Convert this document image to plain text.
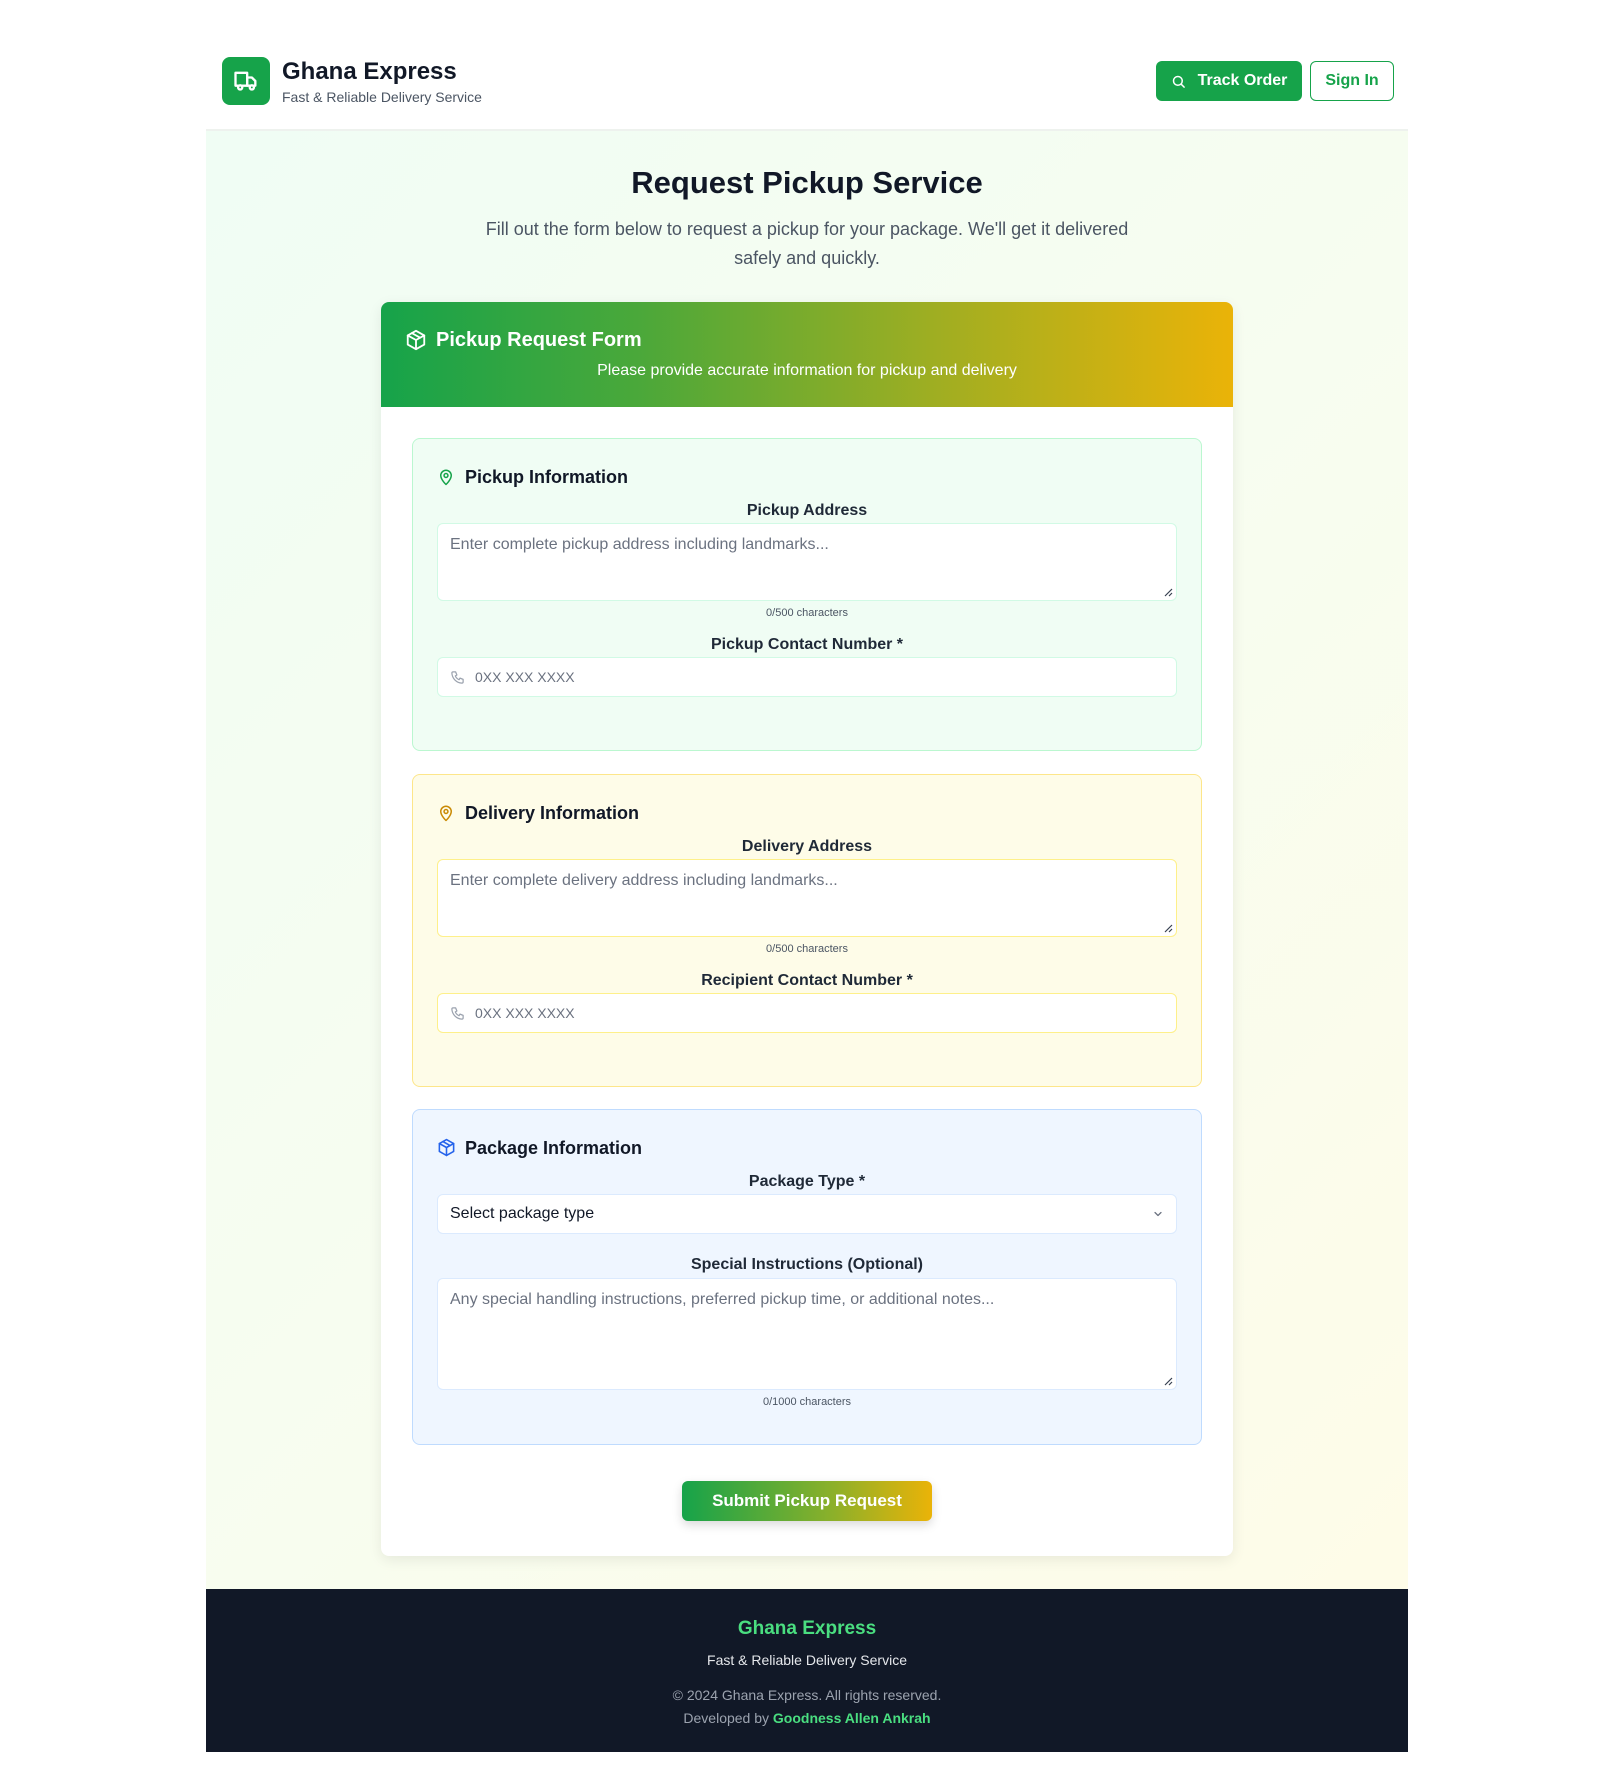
Ghana Express
Fast & Reliable Delivery Service
Track Order	Sign In
Request Pickup Service
Fill out the form below to request a pickup for your package. We'll get it delivered safely and quickly.
Pickup Request Form
Please provide accurate information for pickup and delivery
Pickup Information
Pickup Address
Enter complete pickup address including landmarks...
0/500 characters
Pickup Contact Number *
0XX XXX XXXX
Delivery Information
Delivery Address
Enter complete delivery address including landmarks...
0/500 characters
Recipient Contact Number *
0XX XXX XXXX
Package Information
Package Type *
Select package type
Special Instructions (Optional)
Any special handling instructions, preferred pickup time, or additional notes...
0/1000 characters
Submit Pickup Request
Ghana Express
Fast & Reliable Delivery Service
© 2024 Ghana Express. All rights reserved.
Developed by Goodness Allen Ankrah
